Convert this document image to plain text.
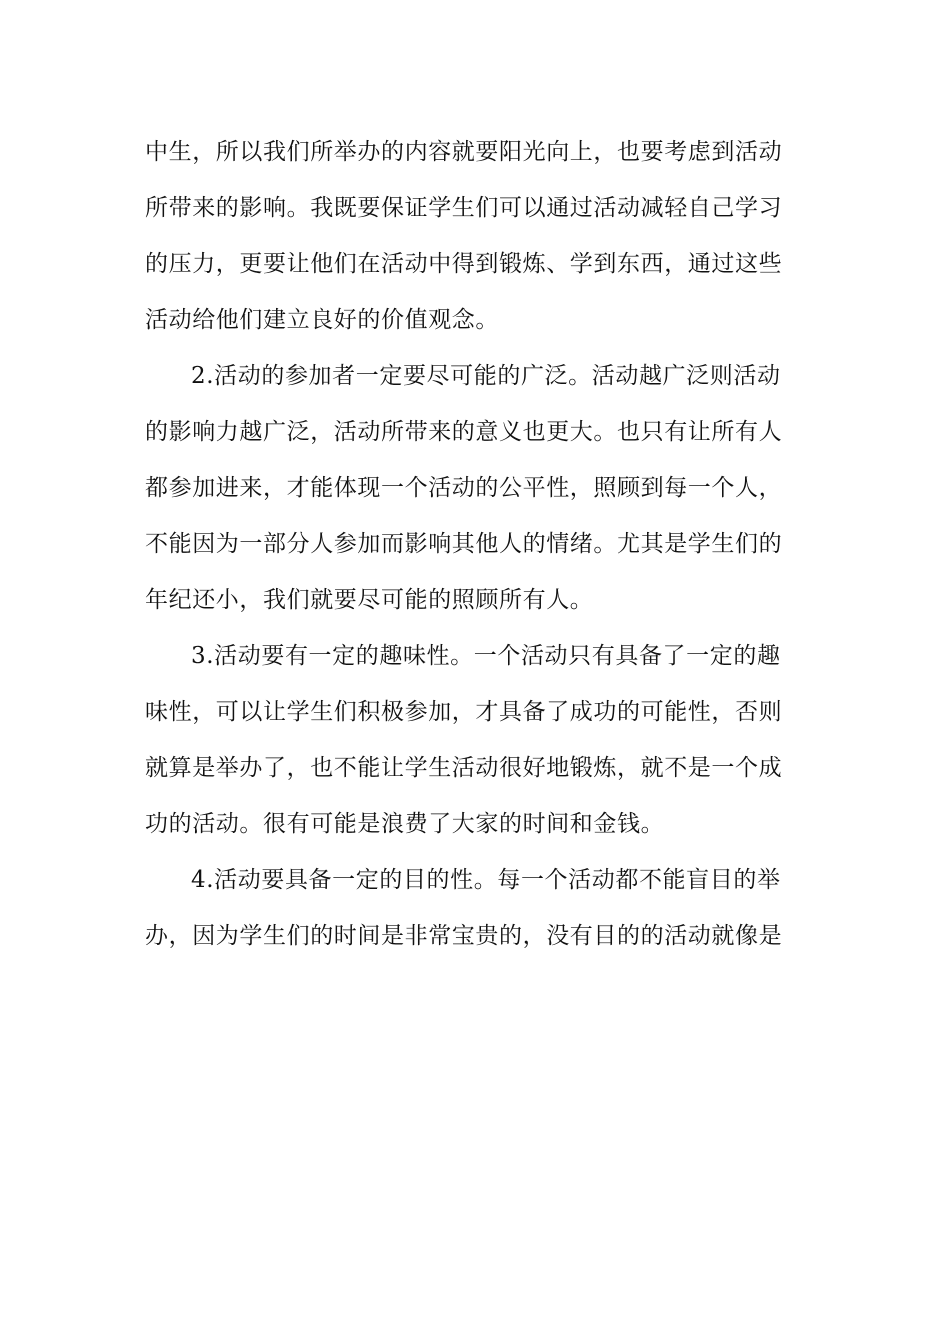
中生，所以我们所举办的内容就要阳光向上，也要考虑到活动
所带来的影响。我既要保证学生们可以通过活动减轻自己学习
的压力，更要让他们在活动中得到锻炼、学到东西，通过这些
活动给他们建立良好的价值观念。
2.活动的参加者一定要尽可能的广泛。活动越广泛则活动
的影响力越广泛，活动所带来的意义也更大。也只有让所有人
都参加进来，才能体现一个活动的公平性，照顾到每一个人，
不能因为一部分人参加而影响其他人的情绪。尤其是学生们的
年纪还小，我们就要尽可能的照顾所有人。
3.活动要有一定的趣味性。一个活动只有具备了一定的趣
味性，可以让学生们积极参加，才具备了成功的可能性，否则
就算是举办了，也不能让学生活动很好地锻炼，就不是一个成
功的活动。很有可能是浪费了大家的时间和金钱。
4.活动要具备一定的目的性。每一个活动都不能盲目的举
办，因为学生们的时间是非常宝贵的，没有目的的活动就像是
